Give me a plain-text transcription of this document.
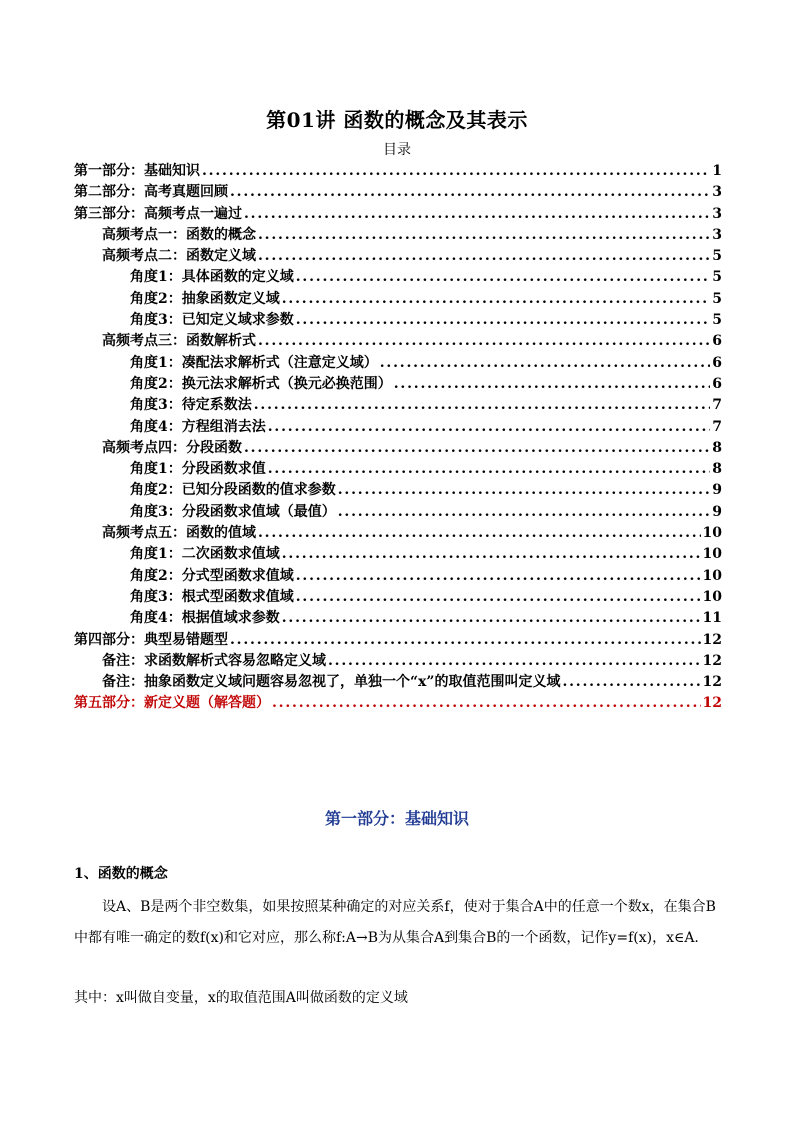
第01讲 函数的概念及其表示
目录
第一部分：基础知识 .....	1
第二部分：高考真题回顾 .....	3
第三部分：高频考点一遍过 .....	3
高频考点一：函数的概念 .....	3
高频考点二：函数定义域 .....	5
角度1：具体函数的定义域 .....	5
角度2：抽象函数定义域 .....	5
角度3：已知定义域求参数 .....	5
高频考点三：函数解析式 .....	6
角度1：凑配法求解析式（注意定义域） .....	6
角度2：换元法求解析式（换元必换范围） .....	6
角度3：待定系数法 .....	7
角度4：方程组消去法 .....	7
高频考点四：分段函数 .....	8
角度1：分段函数求值 .....	8
角度2：已知分段函数的值求参数 .....	9
角度3：分段函数求值域（最值） .....	9
高频考点五：函数的值域 .....	10
角度1：二次函数求值域 .....	10
角度2：分式型函数求值域 .....	10
角度3：根式型函数求值域 .....	10
角度4：根据值域求参数 .....	11
第四部分：典型易错题型 .....	12
备注：求函数解析式容易忽略定义域 .....	12
备注：抽象函数定义域问题容易忽视了，单独一个“x”的取值范围叫定义域 .....	12
第五部分：新定义题（解答题） .....	12
第一部分：基础知识
1、函数的概念
设A、B是两个非空数集，如果按照某种确定的对应关系f，使对于集合A中的任意一个数x，在集合B中都有唯一确定的数f(x)和它对应，那么称f:A→B为从集合A到集合B的一个函数，记作y=f(x)，x∈A.
其中：x叫做自变量，x的取值范围A叫做函数的定义域
